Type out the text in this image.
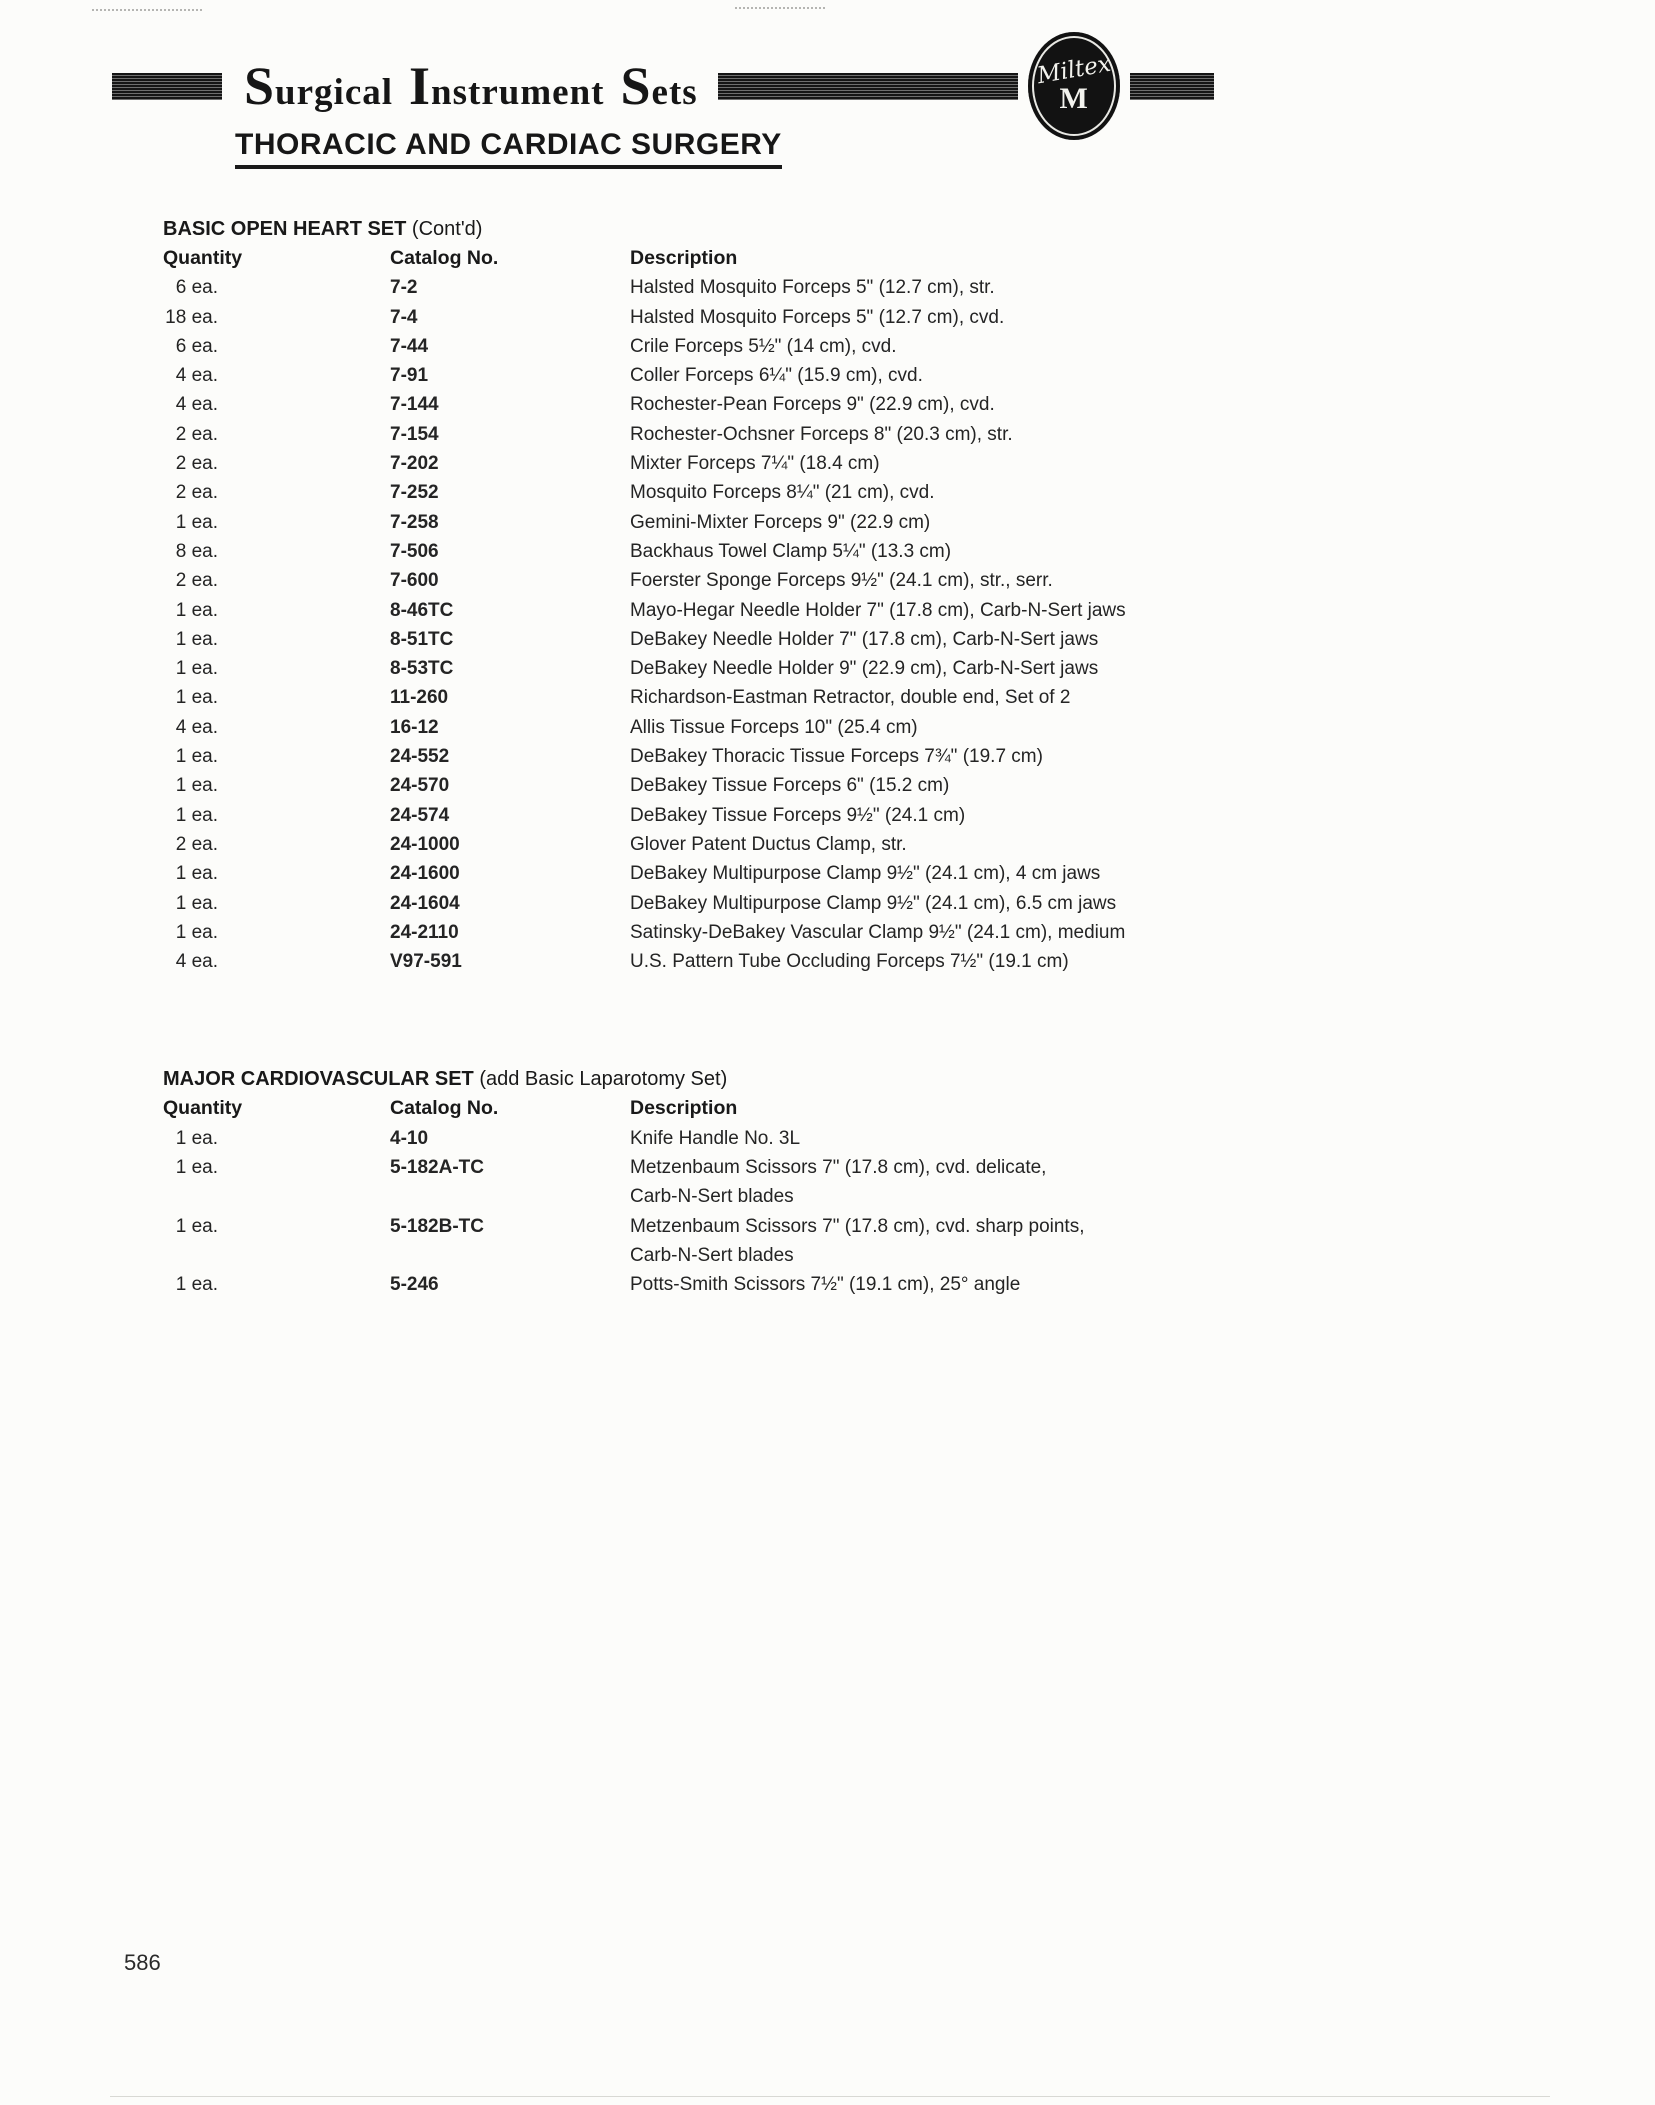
Surgical Instrument Sets
Miltex
M
THORACIC AND CARDIAC SURGERY
BASIC OPEN HEART SET (Cont'd)
Quantity	Catalog No.	Description
6 ea.	7-2	Halsted Mosquito Forceps 5" (12.7 cm), str.
18 ea.	7-4	Halsted Mosquito Forceps 5" (12.7 cm), cvd.
6 ea.	7-44	Crile Forceps 5½" (14 cm), cvd.
4 ea.	7-91	Coller Forceps 6¼" (15.9 cm), cvd.
4 ea.	7-144	Rochester-Pean Forceps 9" (22.9 cm), cvd.
2 ea.	7-154	Rochester-Ochsner Forceps 8" (20.3 cm), str.
2 ea.	7-202	Mixter Forceps 7¼" (18.4 cm)
2 ea.	7-252	Mosquito Forceps 8¼" (21 cm), cvd.
1 ea.	7-258	Gemini-Mixter Forceps 9" (22.9 cm)
8 ea.	7-506	Backhaus Towel Clamp 5¼" (13.3 cm)
2 ea.	7-600	Foerster Sponge Forceps 9½" (24.1 cm), str., serr.
1 ea.	8-46TC	Mayo-Hegar Needle Holder 7" (17.8 cm), Carb-N-Sert jaws
1 ea.	8-51TC	DeBakey Needle Holder 7" (17.8 cm), Carb-N-Sert jaws
1 ea.	8-53TC	DeBakey Needle Holder 9" (22.9 cm), Carb-N-Sert jaws
1 ea.	11-260	Richardson-Eastman Retractor, double end, Set of 2
4 ea.	16-12	Allis Tissue Forceps 10" (25.4 cm)
1 ea.	24-552	DeBakey Thoracic Tissue Forceps 7¾" (19.7 cm)
1 ea.	24-570	DeBakey Tissue Forceps 6" (15.2 cm)
1 ea.	24-574	DeBakey Tissue Forceps 9½" (24.1 cm)
2 ea.	24-1000	Glover Patent Ductus Clamp, str.
1 ea.	24-1600	DeBakey Multipurpose Clamp 9½" (24.1 cm), 4 cm jaws
1 ea.	24-1604	DeBakey Multipurpose Clamp 9½" (24.1 cm), 6.5 cm jaws
1 ea.	24-2110	Satinsky-DeBakey Vascular Clamp 9½" (24.1 cm), medium
4 ea.	V97-591	U.S. Pattern Tube Occluding Forceps 7½" (19.1 cm)
MAJOR CARDIOVASCULAR SET (add Basic Laparotomy Set)
Quantity	Catalog No.	Description
1 ea.	4-10	Knife Handle No. 3L
1 ea.	5-182A-TC	Metzenbaum Scissors 7" (17.8 cm), cvd. delicate,
Carb-N-Sert blades
1 ea.	5-182B-TC	Metzenbaum Scissors 7" (17.8 cm), cvd. sharp points,
Carb-N-Sert blades
1 ea.	5-246	Potts-Smith Scissors 7½" (19.1 cm), 25° angle
586
